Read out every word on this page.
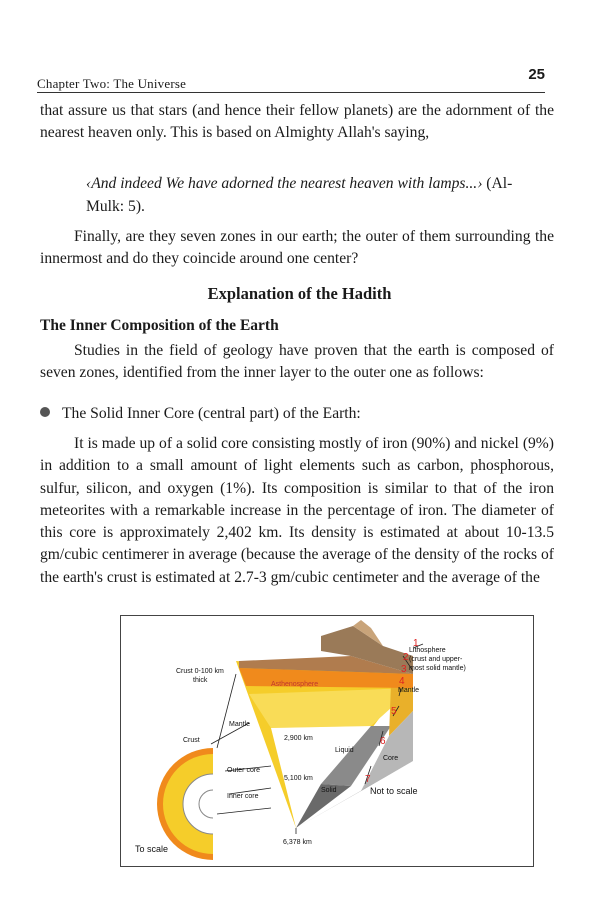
Chapter Two: The Universe
25

that assure us that stars (and hence their fellow planets) are the adornment of the nearest heaven only. This is based on Almighty Allah's saying,

‹And indeed We have adorned the nearest heaven with lamps...› (Al-Mulk: 5).

Finally, are they seven zones in our earth; the outer of them surrounding the innermost and do they coincide around one center?

Explanation of the Hadith
The Inner Composition of the Earth

Studies in the field of geology have proven that the earth is composed of seven zones, identified from the inner layer to the outer one as follows:

The Solid Inner Core (central part) of the Earth:

It is made up of a solid core consisting mostly of iron (90%) and nickel (9%) in addition to a small amount of light elements such as carbon, phosphorous, sulfur, silicon, and oxygen (1%). Its composition is similar to that of the iron meteorites with a remarkable increase in the percentage of iron. The diameter of this core is approximately 2,402 km. Its density is estimated at about 10-13.5 gm/cubic centimerer in average (because the average of the density of the rocks of the earth's crust is estimated at 2.7-3 gm/cubic centimeter and the average of the

Crust 0-100 km
thick
Asthenosphere
Mantle
Crust	2,900 km
Liquid
Outer core
5,100 km
Solid
Inner core
6,378 km
Lithosphere
(crust and upper-
most solid mantle)
Mantle
Core
Not to scale
To scale
1
2
3
4
5
6
7
